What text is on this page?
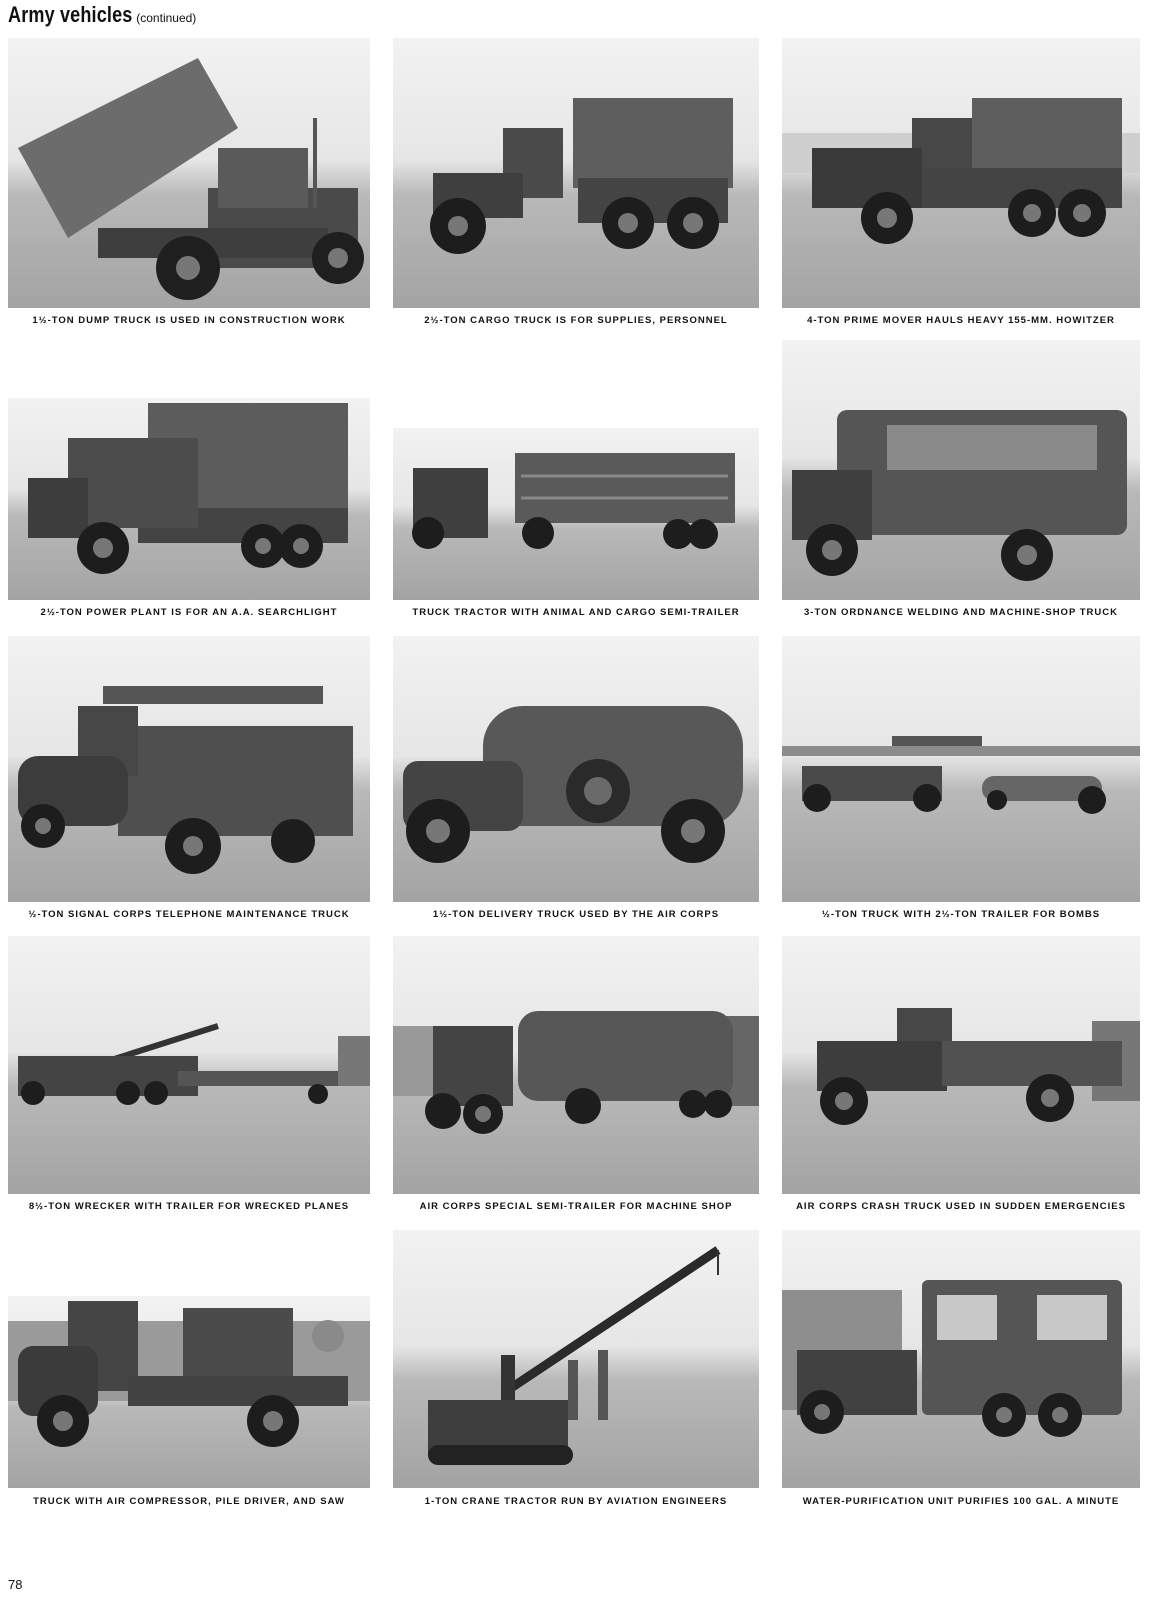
Army vehicles (continued)
1½-TON DUMP TRUCK IS USED IN CONSTRUCTION WORK	2½-TON CARGO TRUCK IS FOR SUPPLIES, PERSONNEL	4-TON PRIME MOVER HAULS HEAVY 155-MM. HOWITZER
2½-TON POWER PLANT IS FOR AN A.A. SEARCHLIGHT	TRUCK TRACTOR WITH ANIMAL AND CARGO SEMI-TRAILER	3-TON ORDNANCE WELDING AND MACHINE-SHOP TRUCK
½-TON SIGNAL CORPS TELEPHONE MAINTENANCE TRUCK	1½-TON DELIVERY TRUCK USED BY THE AIR CORPS	½-TON TRUCK WITH 2½-TON TRAILER FOR BOMBS
8½-TON WRECKER WITH TRAILER FOR WRECKED PLANES	AIR CORPS SPECIAL SEMI-TRAILER FOR MACHINE SHOP	AIR CORPS CRASH TRUCK USED IN SUDDEN EMERGENCIES
TRUCK WITH AIR COMPRESSOR, PILE DRIVER, AND SAW	1-TON CRANE TRACTOR RUN BY AVIATION ENGINEERS	WATER-PURIFICATION UNIT PURIFIES 100 GAL. A MINUTE
78
